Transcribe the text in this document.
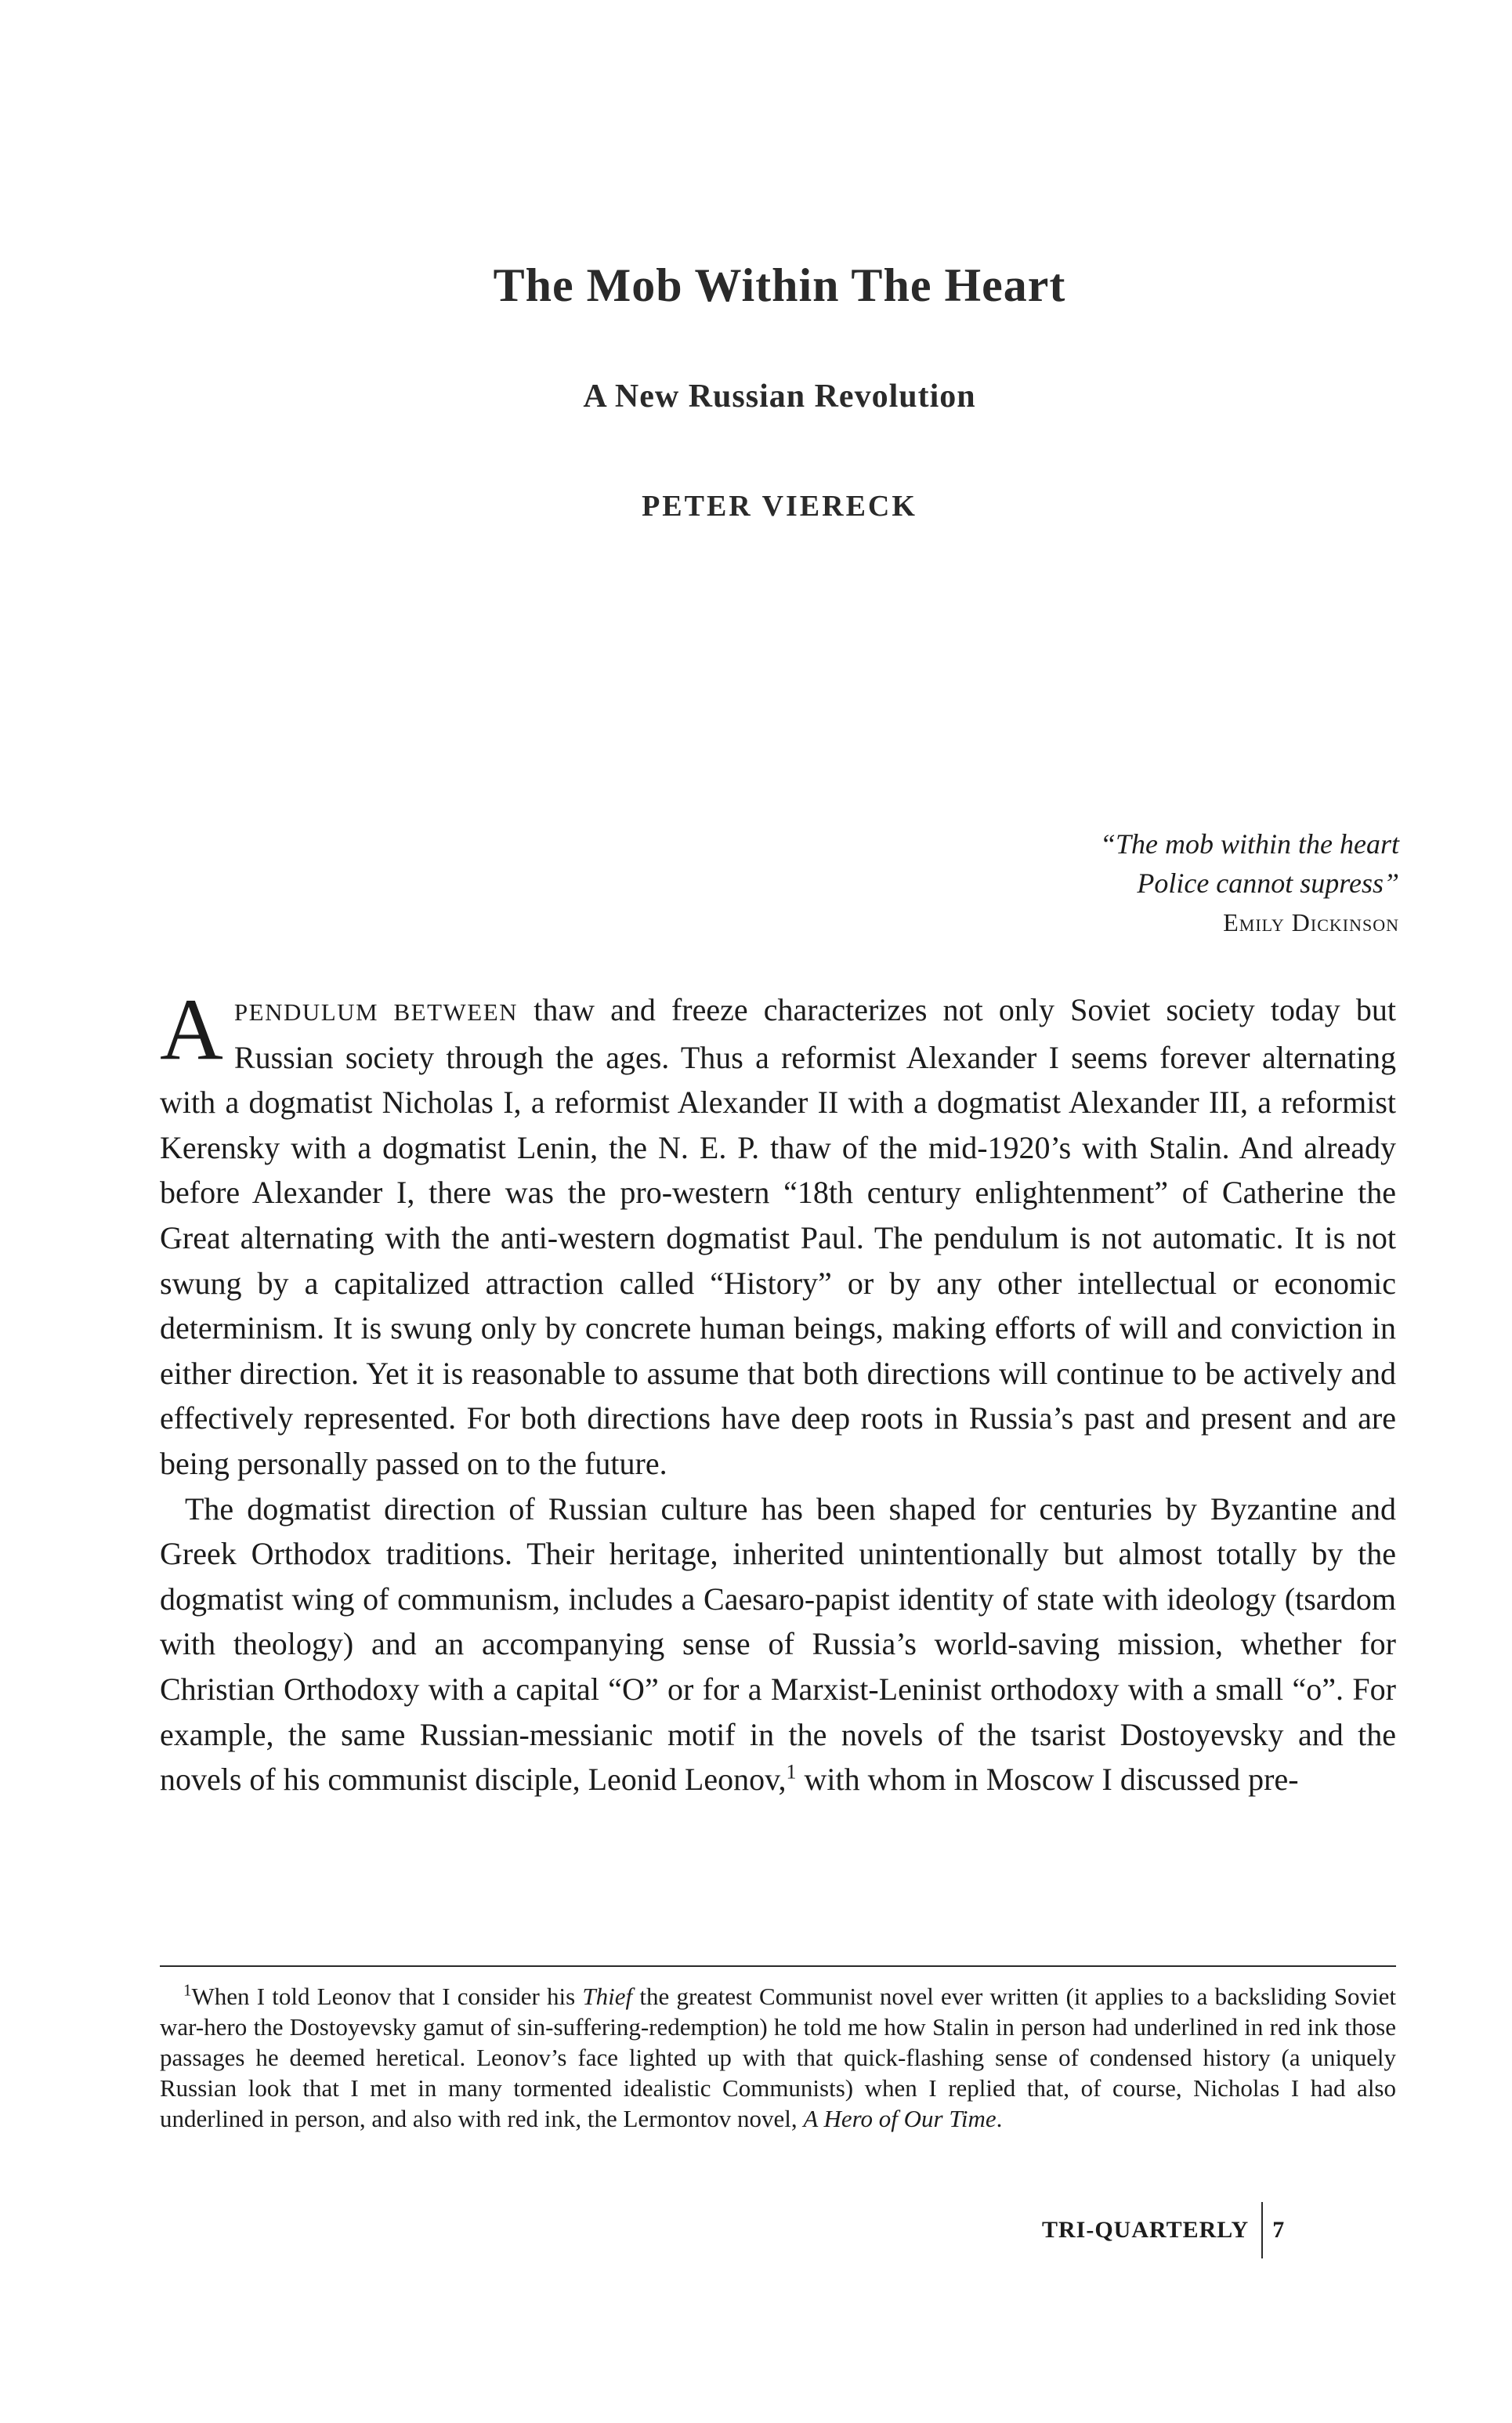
The Mob Within The Heart
A New Russian Revolution
PETER VIERECK
“The mob within the heart
Police cannot supress”
Emily Dickinson

APENDULUM BETWEEN thaw and freeze characterizes not only Soviet society today but Russian society through the ages. Thus a reformist Alexander I seems forever alternating with a dogmatist Nicholas I, a reformist Alexander II with a dogmatist Alexander III, a reformist Kerensky with a dogmatist Lenin, the N. E. P. thaw of the mid-1920’s with Stalin. And already before Alexander I, there was the pro-western “18th century enlightenment” of Catherine the Great alternating with the anti-western dogmatist Paul. The pendulum is not automatic. It is not swung by a capitalized attraction called “History” or by any other intellectual or economic determinism. It is swung only by concrete human beings, making efforts of will and conviction in either direction. Yet it is reasonable to assume that both directions will continue to be actively and effectively represented. For both directions have deep roots in Russia’s past and present and are being personally passed on to the future.

The dogmatist direction of Russian culture has been shaped for centuries by Byzantine and Greek Orthodox traditions. Their heritage, inherited unintentionally but almost totally by the dogmatist wing of communism, includes a Caesaro-papist identity of state with ideology (tsardom with theology) and an accompanying sense of Russia’s world-saving mission, whether for Christian Orthodoxy with a capital “O” or for a Marxist-Leninist orthodoxy with a small “o”. For example, the same Russian-messianic motif in the novels of the tsarist Dostoyevsky and the novels of his communist disciple, Leonid Leonov,$^1$ with whom in Moscow I discussed pre-

$^1$When I told Leonov that I consider his Thief the greatest Communist novel ever written (it applies to a backsliding Soviet war-hero the Dostoyevsky gamut of sin-suffering-redemption) he told me how Stalin in person had underlined in red ink those passages he deemed heretical. Leonov’s face lighted up with that quick-flashing sense of condensed history (a uniquely Russian look that I met in many tormented idealistic Communists) when I replied that, of course, Nicholas I had also underlined in person, and also with red ink, the Lermontov novel, A Hero of Our Time.

TRI-QUARTERLY 7
